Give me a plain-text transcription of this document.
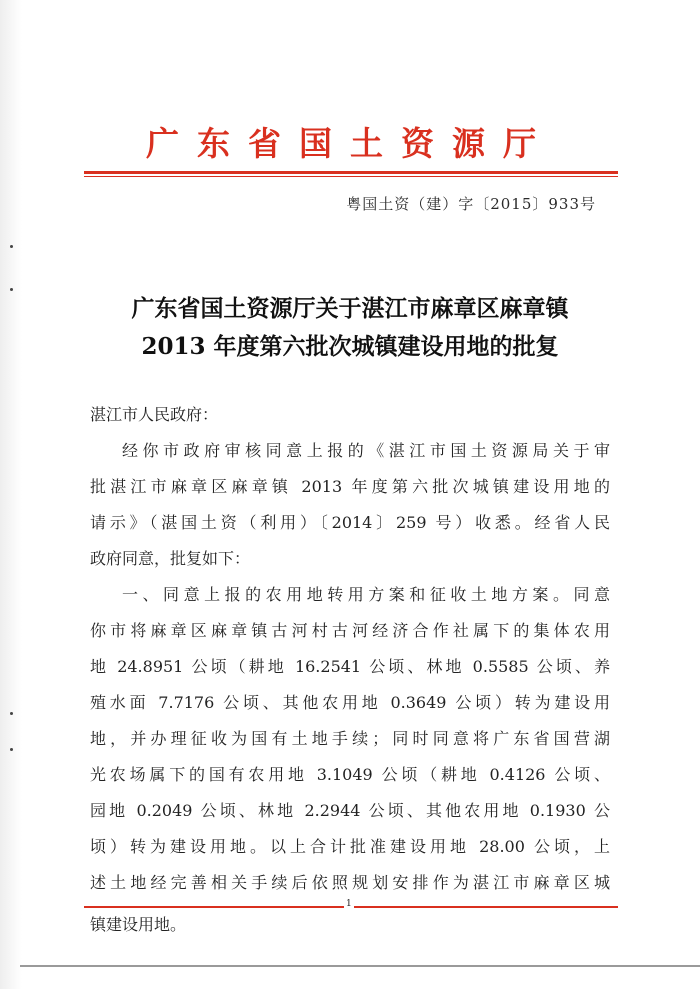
广东省国土资源厅
粤国土资（建）字〔2015〕933号
广东省国土资源厅关于湛江市麻章区麻章镇
2013 年度第六批次城镇建设用地的批复
湛江市人民政府：
经你市政府审核同意上报的《湛江市国土资源局关于审
批湛江市麻章区麻章镇 2013 年度第六批次城镇建设用地的
请示》（湛国土资（利用）〔2014〕259 号）收悉。经省人民
政府同意，批复如下：
一、同意上报的农用地转用方案和征收土地方案。同意
你市将麻章区麻章镇古河村古河经济合作社属下的集体农用
地 24.8951 公顷（耕地 16.2541 公顷、林地 0.5585 公顷、养
殖水面 7.7176 公顷、其他农用地 0.3649 公顷）转为建设用
地，并办理征收为国有土地手续；同时同意将广东省国营湖
光农场属下的国有农用地 3.1049 公顷（耕地 0.4126 公顷、
园地 0.2049 公顷、林地 2.2944 公顷、其他农用地 0.1930 公
顷）转为建设用地。以上合计批准建设用地 28.00 公顷，上
述土地经完善相关手续后依照规划安排作为湛江市麻章区城
1
镇建设用地。
